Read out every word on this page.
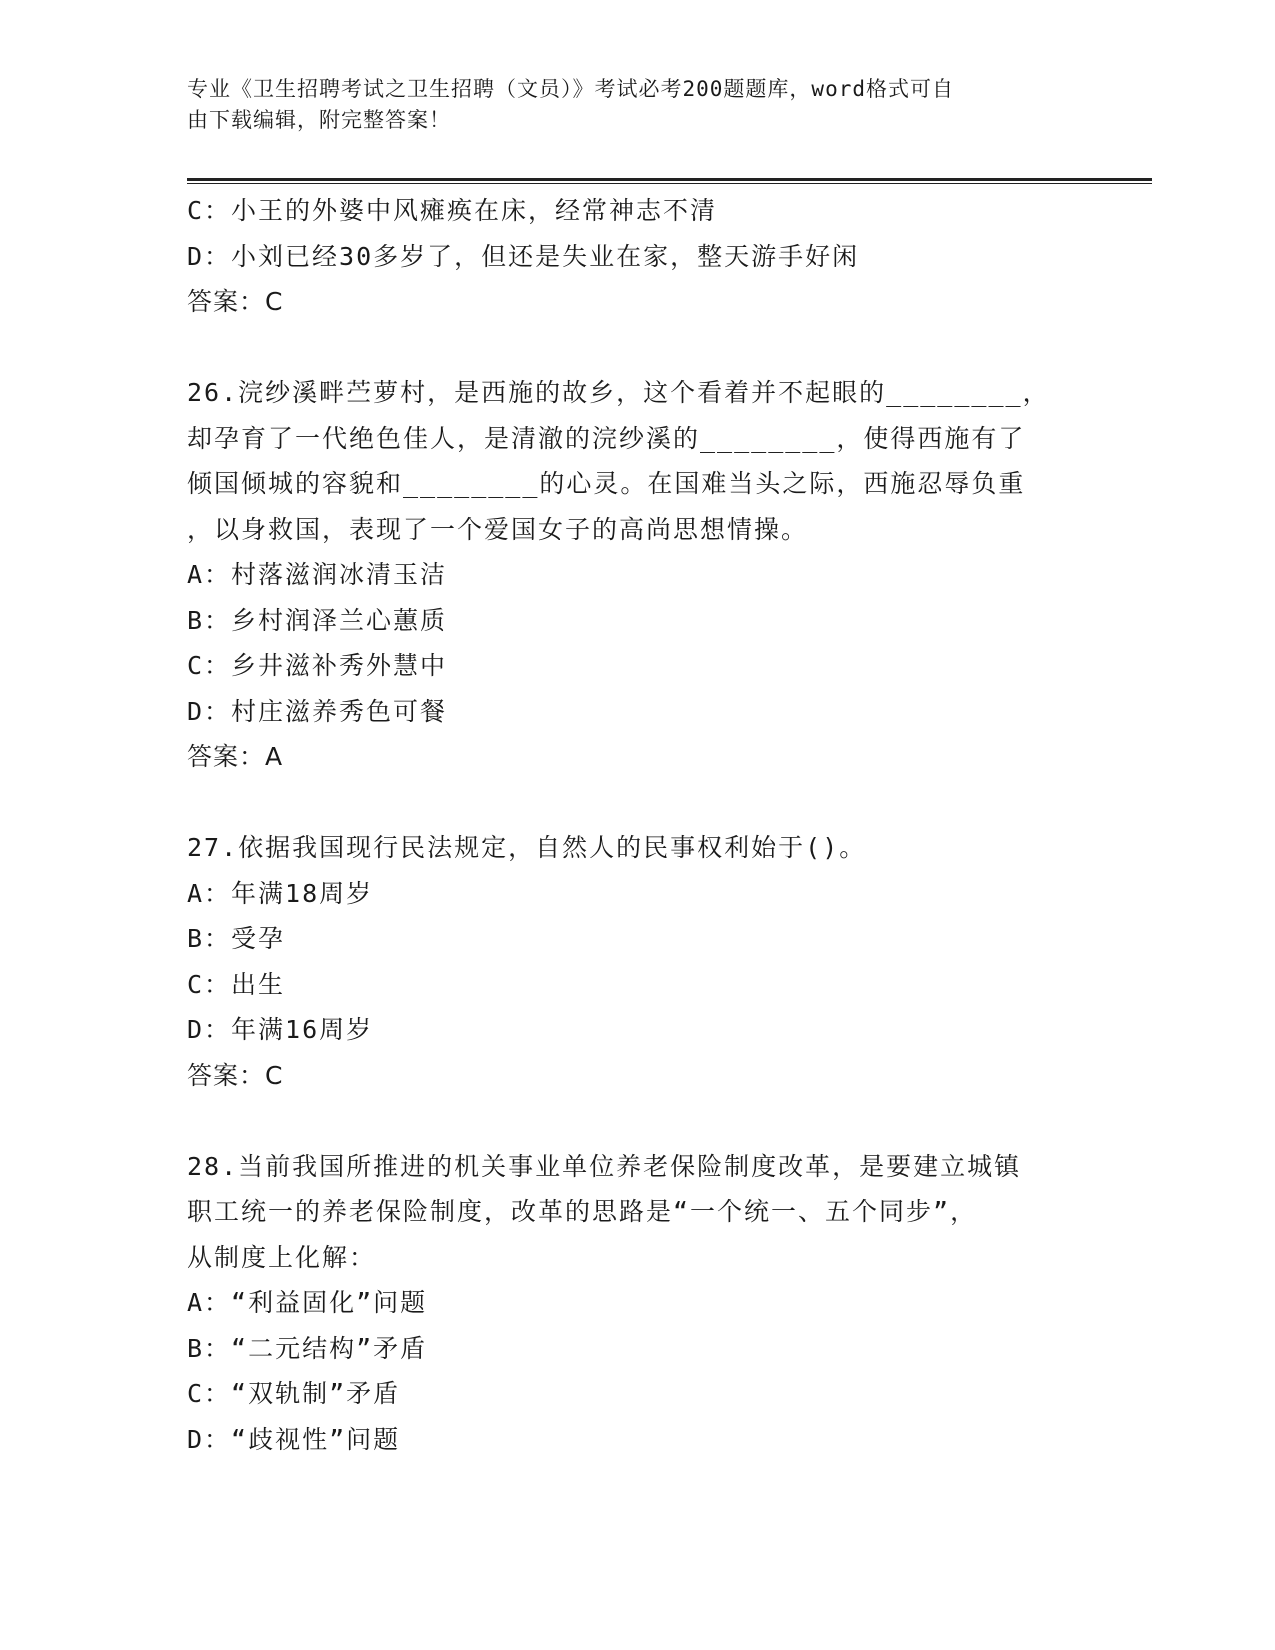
专业《卫生招聘考试之卫生招聘（文员）》考试必考200题题库，word格式可自
由下载编辑，附完整答案！
C：小王的外婆中风瘫痪在床，经常神志不清
D：小刘已经30多岁了，但还是失业在家，整天游手好闲
答案：C
26.浣纱溪畔苎萝村，是西施的故乡，这个看着并不起眼的________，
却孕育了一代绝色佳人，是清澈的浣纱溪的________，使得西施有了
倾国倾城的容貌和________的心灵。在国难当头之际，西施忍辱负重
，以身救国，表现了一个爱国女子的高尚思想情操。
A：村落滋润冰清玉洁
B：乡村润泽兰心蕙质
C：乡井滋补秀外慧中
D：村庄滋养秀色可餐
答案：A
27.依据我国现行民法规定，自然人的民事权利始于()。
A：年满18周岁
B：受孕
C：出生
D：年满16周岁
答案：C
28.当前我国所推进的机关事业单位养老保险制度改革，是要建立城镇
职工统一的养老保险制度，改革的思路是“一个统一、五个同步”，
从制度上化解：
A：“利益固化”问题
B：“二元结构”矛盾
C：“双轨制”矛盾
D：“歧视性”问题
